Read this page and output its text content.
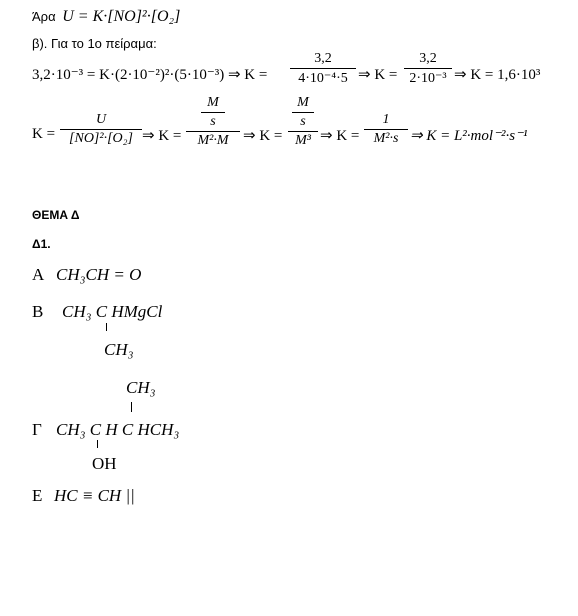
Άρα U = K·[NO]²·[O₂]
β). Για το 1ο πείραμα:
3,2·10⁻³ = K·(2·10⁻²)²·(5·10⁻³) ⇒ K =
3,2
4·10⁻⁴·5 ⇒ K =
3,2
2·10⁻³ ⇒ K = 1,6·10³
K =
U
[NO]²·[O₂] ⇒ K =
M
s
M²·M ⇒ K =
M
s
M³ ⇒ K =
1
M²·s ⇒ K = L²·mol⁻²·s⁻¹
ΘΕΜΑ Δ
Δ1.
A CH₃CH = O
B CH₃ C HMgCl
CH₃
CH₃
Γ CH₃ C H C HCH₃
OH
E HC ≡ CH ||
